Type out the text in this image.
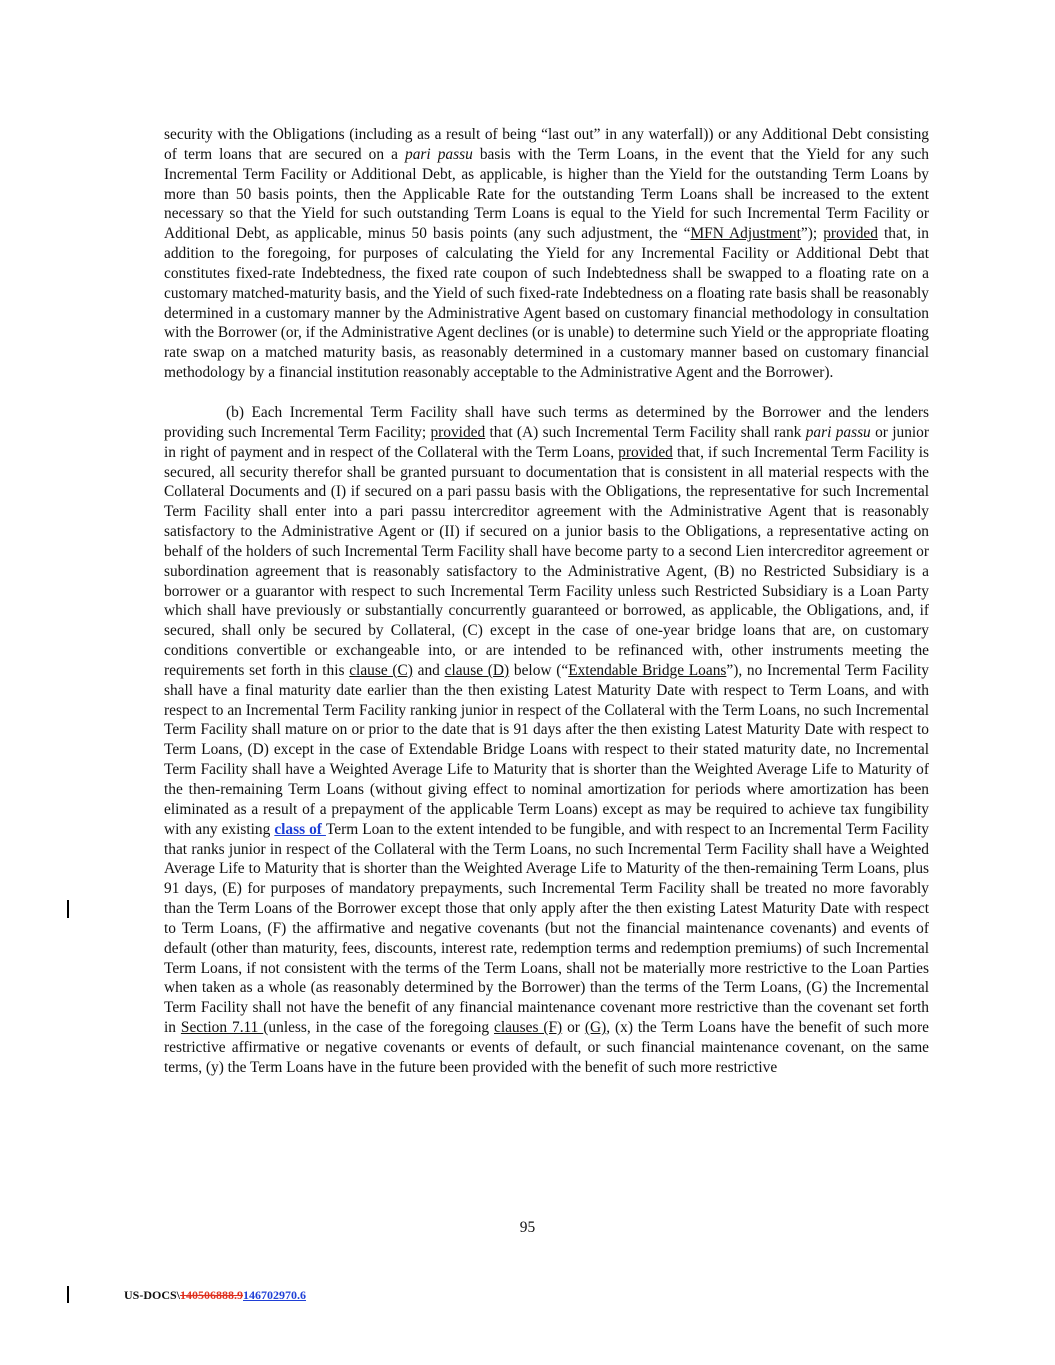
security with the Obligations (including as a result of being “last out” in any waterfall)) or any Additional Debt consisting of term loans that are secured on a pari passu basis with the Term Loans, in the event that the Yield for any such Incremental Term Facility or Additional Debt, as applicable, is higher than the Yield for the outstanding Term Loans by more than 50 basis points, then the Applicable Rate for the outstanding Term Loans shall be increased to the extent necessary so that the Yield for such outstanding Term Loans is equal to the Yield for such Incremental Term Facility or Additional Debt, as applicable, minus 50 basis points (any such adjustment, the “MFN Adjustment”); provided that, in addition to the foregoing, for purposes of calculating the Yield for any Incremental Facility or Additional Debt that constitutes fixed-rate Indebtedness, the fixed rate coupon of such Indebtedness shall be swapped to a floating rate on a customary matched-maturity basis, and the Yield of such fixed-rate Indebtedness on a floating rate basis shall be reasonably determined in a customary manner by the Administrative Agent based on customary financial methodology in consultation with the Borrower (or, if the Administrative Agent declines (or is unable) to determine such Yield or the appropriate floating rate swap on a matched maturity basis, as reasonably determined in a customary manner based on customary financial methodology by a financial institution reasonably acceptable to the Administrative Agent and the Borrower).

(b) Each Incremental Term Facility shall have such terms as determined by the Borrower and the lenders providing such Incremental Term Facility; provided that (A) such Incremental Term Facility shall rank pari passu or junior in right of payment and in respect of the Collateral with the Term Loans, provided that, if such Incremental Term Facility is secured, all security therefor shall be granted pursuant to documentation that is consistent in all material respects with the Collateral Documents and (I) if secured on a pari passu basis with the Obligations, the representative for such Incremental Term Facility shall enter into a pari passu intercreditor agreement with the Administrative Agent that is reasonably satisfactory to the Administrative Agent or (II) if secured on a junior basis to the Obligations, a representative acting on behalf of the holders of such Incremental Term Facility shall have become party to a second Lien intercreditor agreement or subordination agreement that is reasonably satisfactory to the Administrative Agent, (B) no Restricted Subsidiary is a borrower or a guarantor with respect to such Incremental Term Facility unless such Restricted Subsidiary is a Loan Party which shall have previously or substantially concurrently guaranteed or borrowed, as applicable, the Obligations, and, if secured, shall only be secured by Collateral, (C) except in the case of one-year bridge loans that are, on customary conditions convertible or exchangeable into, or are intended to be refinanced with, other instruments meeting the requirements set forth in this clause (C) and clause (D) below (“Extendable Bridge Loans”), no Incremental Term Facility shall have a final maturity date earlier than the then existing Latest Maturity Date with respect to Term Loans, and with respect to an Incremental Term Facility ranking junior in respect of the Collateral with the Term Loans, no such Incremental Term Facility shall mature on or prior to the date that is 91 days after the then existing Latest Maturity Date with respect to Term Loans, (D) except in the case of Extendable Bridge Loans with respect to their stated maturity date, no Incremental Term Facility shall have a Weighted Average Life to Maturity that is shorter than the Weighted Average Life to Maturity of the then-remaining Term Loans (without giving effect to nominal amortization for periods where amortization has been eliminated as a result of a prepayment of the applicable Term Loans) except as may be required to achieve tax fungibility with any existing class of Term Loan to the extent intended to be fungible, and with respect to an Incremental Term Facility that ranks junior in respect of the Collateral with the Term Loans, no such Incremental Term Facility shall have a Weighted Average Life to Maturity that is shorter than the Weighted Average Life to Maturity of the then-remaining Term Loans, plus 91 days, (E) for purposes of mandatory prepayments, such Incremental Term Facility shall be treated no more favorably than the Term Loans of the Borrower except those that only apply after the then existing Latest Maturity Date with respect to Term Loans, (F) the affirmative and negative covenants (but not the financial maintenance covenants) and events of default (other than maturity, fees, discounts, interest rate, redemption terms and redemption premiums) of such Incremental Term Loans, if not consistent with the terms of the Term Loans, shall not be materially more restrictive to the Loan Parties when taken as a whole (as reasonably determined by the Borrower) than the terms of the Term Loans, (G) the Incremental Term Facility shall not have the benefit of any financial maintenance covenant more restrictive than the covenant set forth in Section 7.11 (unless, in the case of the foregoing clauses (F) or (G), (x) the Term Loans have the benefit of such more restrictive affirmative or negative covenants or events of default, or such financial maintenance covenant, on the same terms, (y) the Term Loans have in the future been provided with the benefit of such more restrictive

95
US-DOCS\140506888.9146702970.6
